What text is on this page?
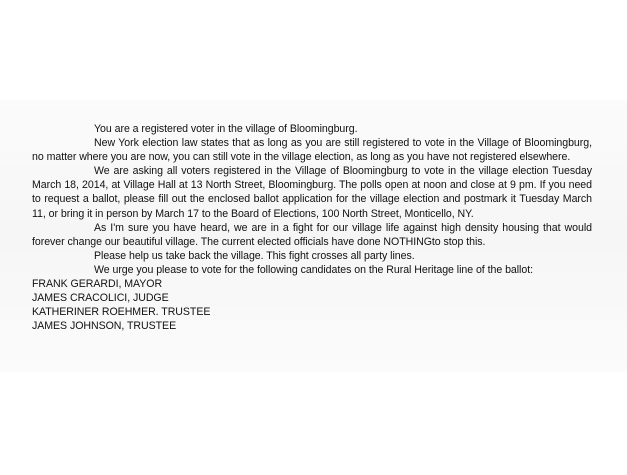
You are a registered voter in the village of Bloomingburg.

New York election law states that as long as you are still registered to vote in the Village of Bloomingburg, no matter where you are now, you can still vote in the village election, as long as you have not registered elsewhere.

We are asking all voters registered in the Village of Bloomingburg to vote in the village election Tuesday March 18, 2014, at Village Hall at 13 North Street, Bloomingburg. The polls open at noon and close at 9 pm. If you need to request a ballot, please fill out the enclosed ballot application for the village election and postmark it Tuesday March 11, or bring it in person by March 17 to the Board of Elections, 100 North Street, Monticello, NY.

As I'm sure you have heard, we are in a fight for our village life against high density housing that would forever change our beautiful village. The current elected officials have done NOTHINGto stop this.

Please help us take back the village. This fight crosses all party lines.

We urge you please to vote for the following candidates on the Rural Heritage line of the ballot:

FRANK GERARDI, MAYOR

JAMES CRACOLICI, JUDGE

KATHERINER ROEHMER. TRUSTEE

JAMES JOHNSON, TRUSTEE
